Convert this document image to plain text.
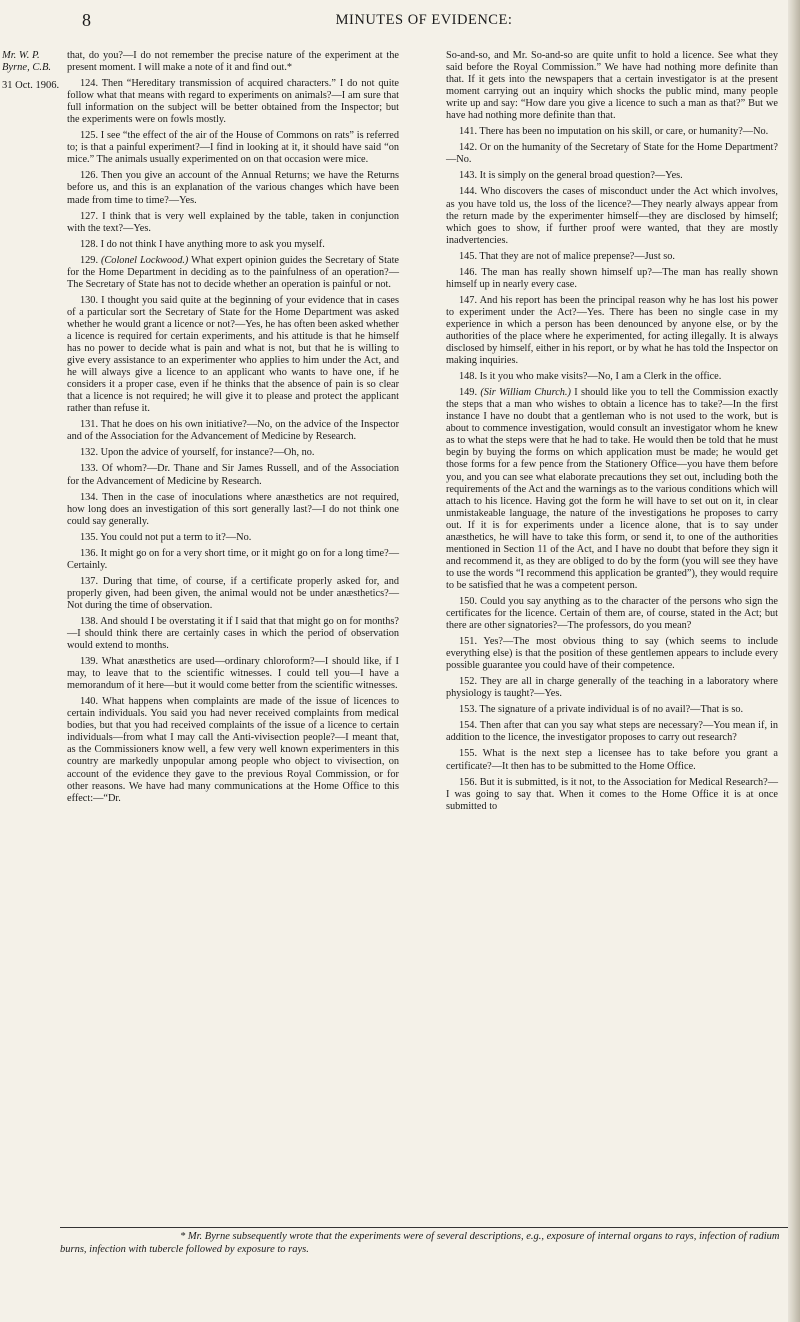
8	MINUTES OF EVIDENCE:
Mr. W. P. Byrne, C.B.
31 Oct. 1906.

that, do you?—I do not remember the precise nature of the experiment at the present moment. I will make a note of it and find out.*

124. Then “Hereditary transmission of acquired characters.” I do not quite follow what that means with regard to experiments on animals?—I am sure that full information on the subject will be better obtained from the Inspector; but the experiments were on fowls mostly.

125. I see “the effect of the air of the House of Commons on rats” is referred to; is that a painful experiment?—I find in looking at it, it should have said “on mice.” The animals usually experimented on on that occasion were mice.

126. Then you give an account of the Annual Returns; we have the Returns before us, and this is an explanation of the various changes which have been made from time to time?—Yes.

127. I think that is very well explained by the table, taken in conjunction with the text?—Yes.

128. I do not think I have anything more to ask you myself.

129. (Colonel Lockwood.) What expert opinion guides the Secretary of State for the Home Department in deciding as to the painfulness of an operation?—The Secretary of State has not to decide whether an operation is painful or not.

130. I thought you said quite at the beginning of your evidence that in cases of a particular sort the Secretary of State for the Home Department was asked whether he would grant a licence or not?—Yes, he has often been asked whether a licence is required for certain experiments, and his attitude is that he himself has no power to decide what is pain and what is not, but that he is willing to give every assistance to an experimenter who applies to him under the Act, and he will always give a licence to an applicant who wants to have one, if he considers it a proper case, even if he thinks that the absence of pain is so clear that a licence is not required; he will give it to please and protect the applicant rather than refuse it.

131. That he does on his own initiative?—No, on the advice of the Inspector and of the Association for the Advancement of Medicine by Research.

132. Upon the advice of yourself, for instance?—Oh, no.

133. Of whom?—Dr. Thane and Sir James Russell, and of the Association for the Advancement of Medicine by Research.

134. Then in the case of inoculations where anæsthetics are not required, how long does an investigation of this sort generally last?—I do not think one could say generally.

135. You could not put a term to it?—No.

136. It might go on for a very short time, or it might go on for a long time?—Certainly.

137. During that time, of course, if a certificate properly asked for, and properly given, had been given, the animal would not be under anæsthetics?—Not during the time of observation.

138. And should I be overstating it if I said that that might go on for months?—I should think there are certainly cases in which the period of observation would extend to months.

139. What anæsthetics are used—ordinary chloroform?—I should like, if I may, to leave that to the scientific witnesses. I could tell you—I have a memorandum of it here—but it would come better from the scientific witnesses.

140. What happens when complaints are made of the issue of licences to certain individuals. You said you had never received complaints from medical bodies, but that you had received complaints of the issue of a licence to certain individuals—from what I may call the Anti-vivisection people?—I meant that, as the Commissioners know well, a few very well known experimenters in this country are markedly unpopular among people who object to vivisection, on account of the evidence they gave to the previous Royal Commission, or for other reasons. We have had many communications at the Home Office to this effect:—“Dr.

So-and-so, and Mr. So-and-so are quite unfit to hold a licence. See what they said before the Royal Commission.” We have had nothing more definite than that. If it gets into the newspapers that a certain investigator is at the present moment carrying out an inquiry which shocks the public mind, many people write up and say: “How dare you give a licence to such a man as that?” But we have had nothing more definite than that.

141. There has been no imputation on his skill, or care, or humanity?—No.

142. Or on the humanity of the Secretary of State for the Home Department?—No.

143. It is simply on the general broad question?—Yes.

144. Who discovers the cases of misconduct under the Act which involves, as you have told us, the loss of the licence?—They nearly always appear from the return made by the experimenter himself—they are disclosed by himself; which goes to show, if further proof were wanted, that they are mostly inadvertencies.

145. That they are not of malice prepense?—Just so.

146. The man has really shown himself up?—The man has really shown himself up in nearly every case.

147. And his report has been the principal reason why he has lost his power to experiment under the Act?—Yes. There has been no single case in my experience in which a person has been denounced by anyone else, or by the authorities of the place where he experimented, for acting illegally. It is always disclosed by himself, either in his report, or by what he has told the Inspector on making inquiries.

148. Is it you who make visits?—No, I am a Clerk in the office.

149. (Sir William Church.) I should like you to tell the Commission exactly the steps that a man who wishes to obtain a licence has to take?—In the first instance I have no doubt that a gentleman who is not used to the work, but is about to commence investigation, would consult an investigator whom he knew as to what the steps were that he had to take. He would then be told that he must begin by buying the forms on which application must be made; he would get those forms for a few pence from the Stationery Office—you have them before you, and you can see what elaborate precautions they set out, including both the requirements of the Act and the warnings as to the various conditions which will attach to his licence. Having got the form he will have to set out on it, in clear unmistakeable language, the nature of the investigations he proposes to carry out. If it is for experiments under a licence alone, that is to say under anæsthetics, he will have to take this form, or send it, to one of the authorities mentioned in Section 11 of the Act, and I have no doubt that before they sign it and recommend it, as they are obliged to do by the form (you will see they have to use the words “I recommend this application be granted”), they would require to be satisfied that he was a competent person.

150. Could you say anything as to the character of the persons who sign the certificates for the licence. Certain of them are, of course, stated in the Act; but there are other signatories?—The professors, do you mean?

151. Yes?—The most obvious thing to say (which seems to include everything else) is that the position of these gentlemen appears to include every possible guarantee you could have of their competence.

152. They are all in charge generally of the teaching in a laboratory where physiology is taught?—Yes.

153. The signature of a private individual is of no avail?—That is so.

154. Then after that can you say what steps are necessary?—You mean if, in addition to the licence, the investigator proposes to carry out research?

155. What is the next step a licensee has to take before you grant a certificate?—It then has to be submitted to the Home Office.

156. But it is submitted, is it not, to the Association for Medical Research?—I was going to say that. When it comes to the Home Office it is at once submitted to

* Mr. Byrne subsequently wrote that the experiments were of several descriptions, e.g., exposure of internal organs to rays, infection of radium burns, infection with tubercle followed by exposure to rays.
